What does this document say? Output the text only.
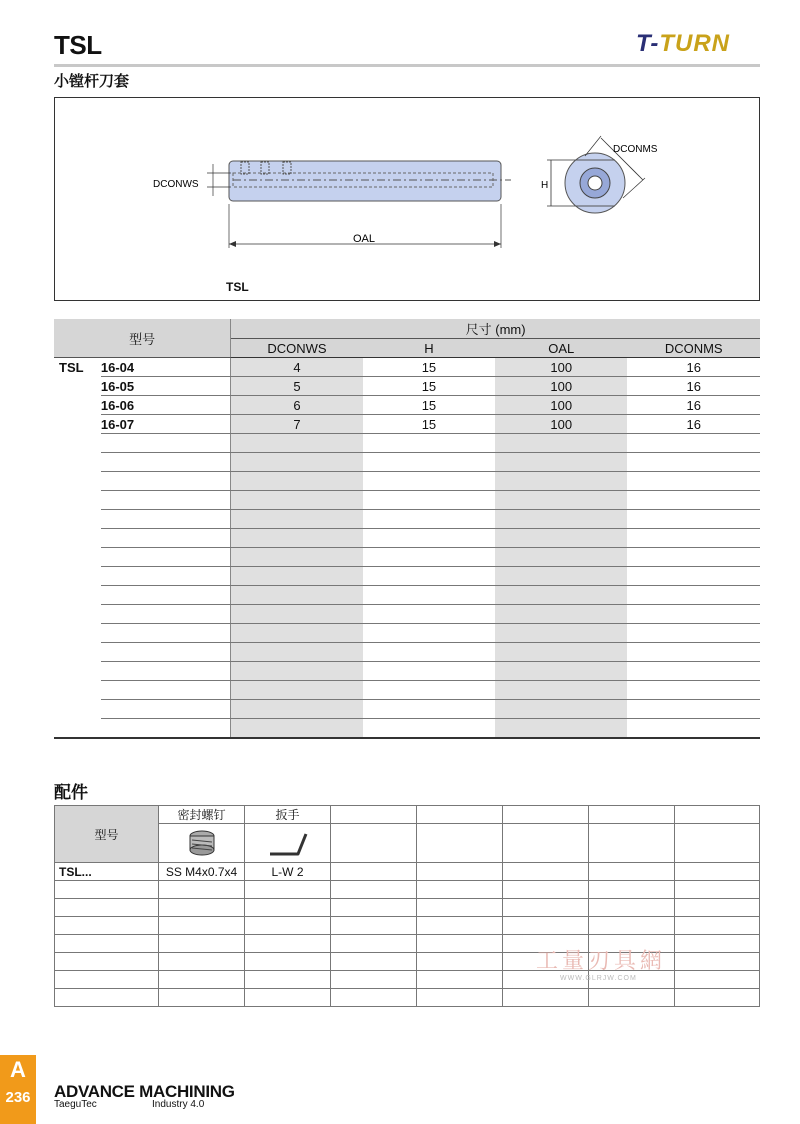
TSL
小镗杆刀套
T-TURN
DCONWS
OAL
H
DCONMS
TSL
型号		尺寸 (mm)			
		DCONWS	H	OAL	DCONMS
TSL	16-04	4	15	100	16
	16-05	5	15	100	16
	16-06	6	15	100	16
	16-07	7	15	100	16

配件
型号	密封螺钉	扳手					

TSL...	SS M4x0.7x4	L-W 2					

工量刃具網
WWW.GLRJW.COM
A
236	ADVANCE MACHINING
TaeguTec	Industry 4.0
